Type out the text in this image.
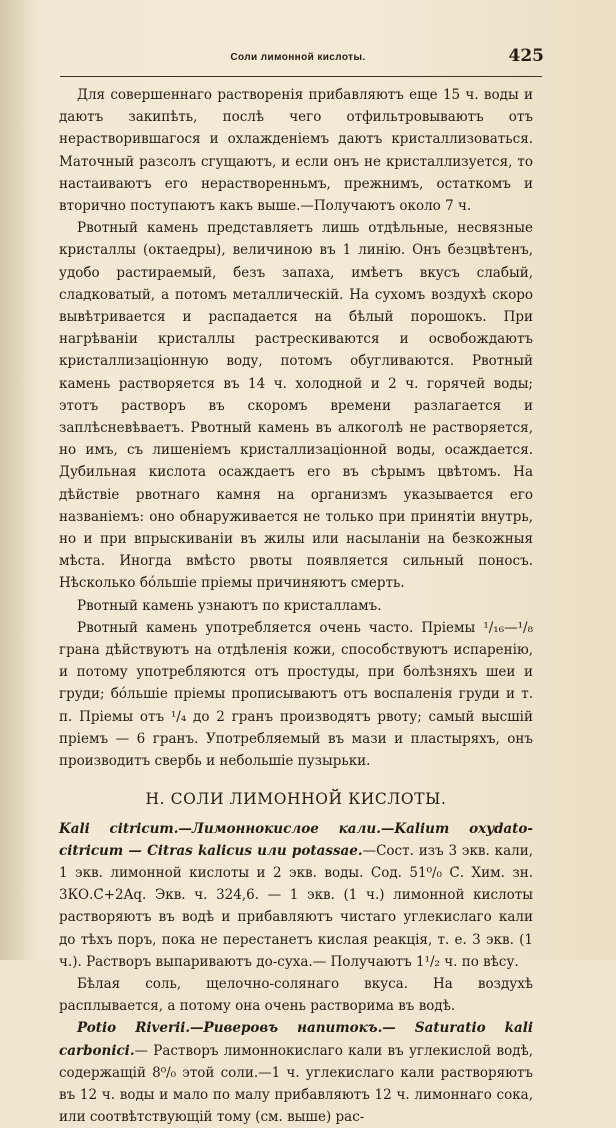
Соли лимонной кислоты.	425

Для совершеннаго растворенія прибавляютъ еще 15 ч. воды и даютъ закипѣть, послѣ чего отфильтровываютъ отъ нерастворившагося и охлажденіемъ даютъ кристаллизоваться. Маточный разсолъ сгущаютъ, и если онъ не кристаллизуется, то настаиваютъ его нерастворенньмъ, прежнимъ, остаткомъ и вторично поступаютъ какъ выше.—Получаютъ около 7 ч.

Рвотный камень представляетъ лишь отдѣльные, несвязные кристаллы (октаедры), величиною въ 1 линію. Онъ безцвѣтенъ, удобо растираемый, безъ запаха, имѣетъ вкусъ слабый, сладковатый, а потомъ металлическій. На сухомъ воздухѣ скоро вывѣтривается и распадается на бѣлый порошокъ. При нагрѣваніи кристаллы растрескиваются и освобождаютъ кристаллизаціонную воду, потомъ обугливаются. Рвотный камень растворяется въ 14 ч. холодной и 2 ч. горячей воды; этотъ растворъ въ скоромъ времени разлагается и заплѣсневѣваетъ. Рвотный камень въ алкоголѣ не растворяется, но имъ, съ лишеніемъ кристаллизаціонной воды, осаждается. Дубильная кислота осаждаетъ его въ сѣрымъ цвѣтомъ. На дѣйствіе рвотнаго камня на организмъ указывается его названіемъ: оно обнаруживается не только при принятіи внутрь, но и при впрыскиваніи въ жилы или насыланіи на безкожныя мѣста. Иногда вмѣсто рвоты появляется сильный поносъ. Нѣсколько бóльшіе пріемы причиняютъ смерть.

Рвотный камень узнаютъ по кристалламъ.

Рвотный камень употребляется очень часто. Пріемы ¹/₁₆—¹/₈ грана дѣйствуютъ на отдѣленія кожи, способствуютъ испаренію, и потому употребляются отъ простуды, при болѣзняхъ шеи и груди; бóльшіе пріемы прописываютъ отъ воспаленія груди и т. п. Пріемы отъ ¹/₄ до 2 гранъ производятъ рвоту; самый высшій пріемъ — 6 гранъ. Употребляемый въ мази и пластыряхъ, онъ производитъ свербь и небольшіе пузырьки.

Н. СОЛИ ЛИМОННОЙ КИСЛОТЫ.

Kali citricum.—Лимоннокислое кали.—Kalium oxydato-citricum — Citras kalicus или potassae.—Сост. изъ 3 экв. кали, 1 экв. лимонной кислоты и 2 экв. воды. Сод. 51⁰/₀ С̄. Хим. зн. 3КО.С̄+2Aq. Экв. ч. 324,6. — 1 экв. (1 ч.) лимонной кислоты растворяютъ въ водѣ и прибавляютъ чистаго углекислаго кали до тѣхъ поръ, пока не перестанетъ кислая реакція, т. е. 3 экв. (1 ч.). Растворъ выпариваютъ до-суха.— Получаютъ 1¹/₂ ч. по вѣсу.

Бѣлая соль, щелочно-солянаго вкуса. На воздухѣ расплывается, а потому она очень растворима въ водѣ.

Potio Riverii.—Риверовъ напитокъ.— Saturatio kali carbonici.— Растворъ лимоннокислаго кали въ углекислой водѣ, содержащій 8⁰/₀ этой соли.—1 ч. углекислаго кали растворяютъ въ 12 ч. воды и мало по малу прибавляютъ 12 ч. лимоннаго сока, или соотвѣтствующій тому (см. выше) рас-
